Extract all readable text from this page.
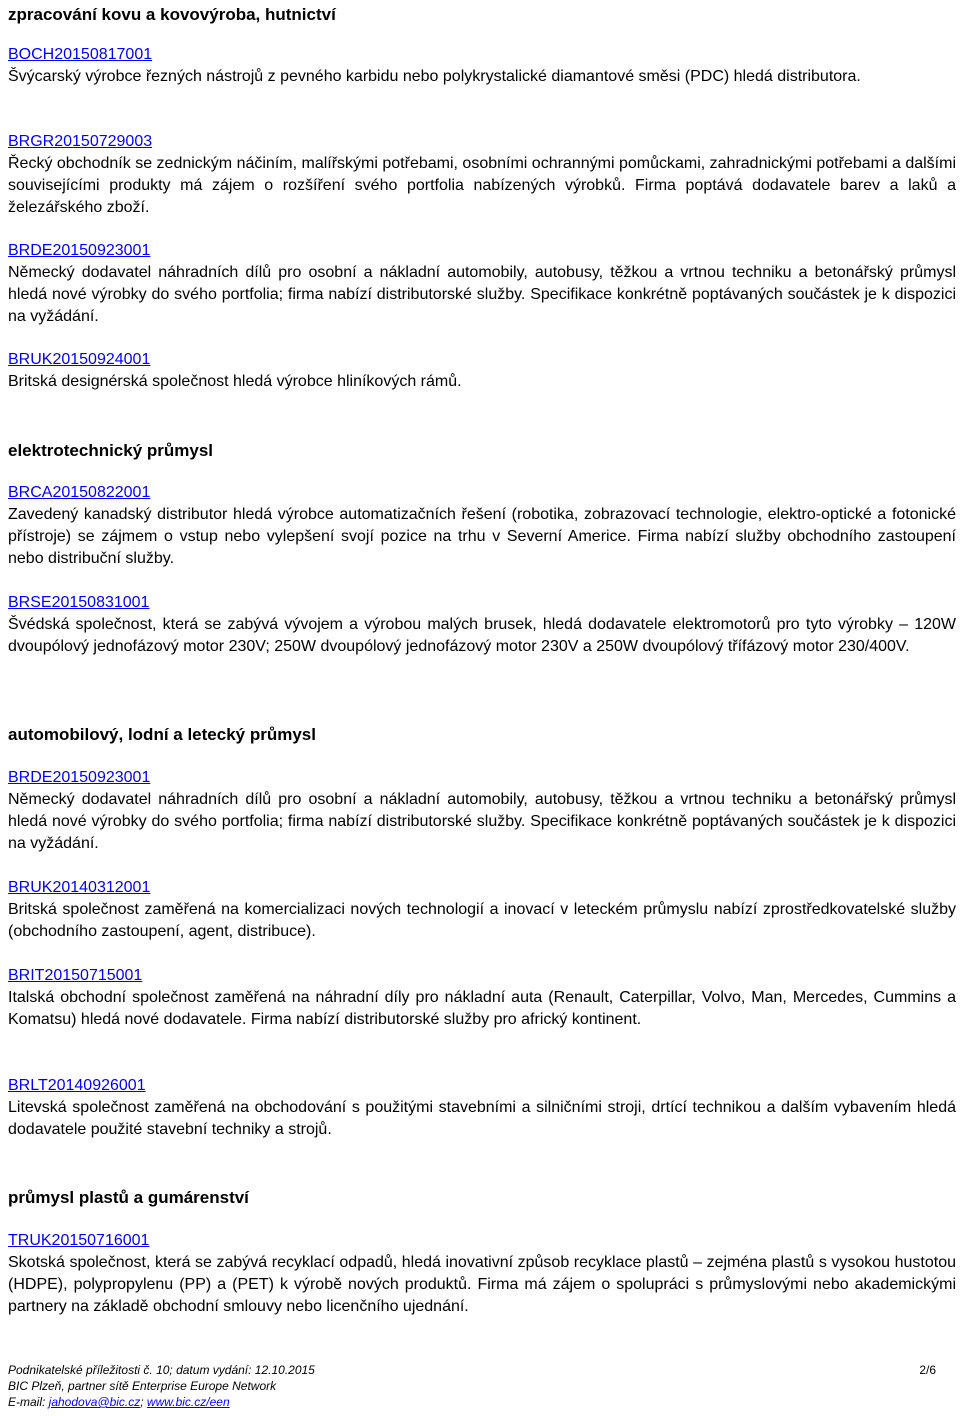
zpracování kovu a kovovýroba, hutnictví
BOCH20150817001

Švýcarský výrobce řezných nástrojů z pevného karbidu nebo polykrystalické diamantové směsi (PDC) hledá distributora.

BRGR20150729003

Řecký obchodník se zednickým náčiním, malířskými potřebami, osobními ochrannými pomůckami, zahradnickými potřebami a dalšími souvisejícími produkty má zájem o rozšíření svého portfolia nabízených výrobků. Firma poptává dodavatele barev a laků a železářského zboží.

BRDE20150923001

Německý dodavatel náhradních dílů pro osobní a nákladní automobily, autobusy, těžkou a vrtnou techniku a betonářský průmysl hledá nové výrobky do svého portfolia; firma nabízí distributorské služby. Specifikace konkrétně poptávaných součástek je k dispozici na vyžádání.

BRUK20150924001

Britská designérská společnost hledá výrobce hliníkových rámů.

elektrotechnický průmysl
BRCA20150822001

Zavedený kanadský distributor hledá výrobce automatizačních řešení (robotika, zobrazovací technologie, elektro-optické a fotonické přístroje) se zájmem o vstup nebo vylepšení svojí pozice na trhu v Severní Americe. Firma nabízí služby obchodního zastoupení nebo distribuční služby.

BRSE20150831001

Švédská společnost, která se zabývá vývojem a výrobou malých brusek, hledá dodavatele elektromotorů pro tyto výrobky – 120W dvoupólový jednofázový motor 230V; 250W dvoupólový jednofázový motor 230V a 250W dvoupólový třífázový motor 230/400V.

automobilový, lodní a letecký průmysl
BRDE20150923001

Německý dodavatel náhradních dílů pro osobní a nákladní automobily, autobusy, těžkou a vrtnou techniku a betonářský průmysl hledá nové výrobky do svého portfolia; firma nabízí distributorské služby. Specifikace konkrétně poptávaných součástek je k dispozici na vyžádání.

BRUK20140312001

Britská společnost zaměřená na komercializaci nových technologií a inovací v leteckém průmyslu nabízí zprostředkovatelské služby (obchodního zastoupení, agent, distribuce).

BRIT20150715001

Italská obchodní společnost zaměřená na náhradní díly pro nákladní auta (Renault, Caterpillar, Volvo, Man, Mercedes, Cummins a Komatsu) hledá nové dodavatele. Firma nabízí distributorské služby pro africký kontinent.

BRLT20140926001

Litevská společnost zaměřená na obchodování s použitými stavebními a silničními stroji, drtící technikou a dalším vybavením hledá dodavatele použité stavební techniky a strojů.

průmysl plastů a gumárenství
TRUK20150716001

Skotská společnost, která se zabývá recyklací odpadů, hledá inovativní způsob recyklace plastů – zejména plastů s vysokou hustotou (HDPE), polypropylenu (PP) a (PET) k výrobě nových produktů. Firma má zájem o spolupráci s průmyslovými nebo akademickými partnery na základě obchodní smlouvy nebo licenčního ujednání.

Podnikatelské příležitosti č. 10; datum vydání: 12.10.2015	2/6
BIC Plzeň, partner sítě Enterprise Europe Network
E-mail: jahodova@bic.cz; www.bic.cz/een
